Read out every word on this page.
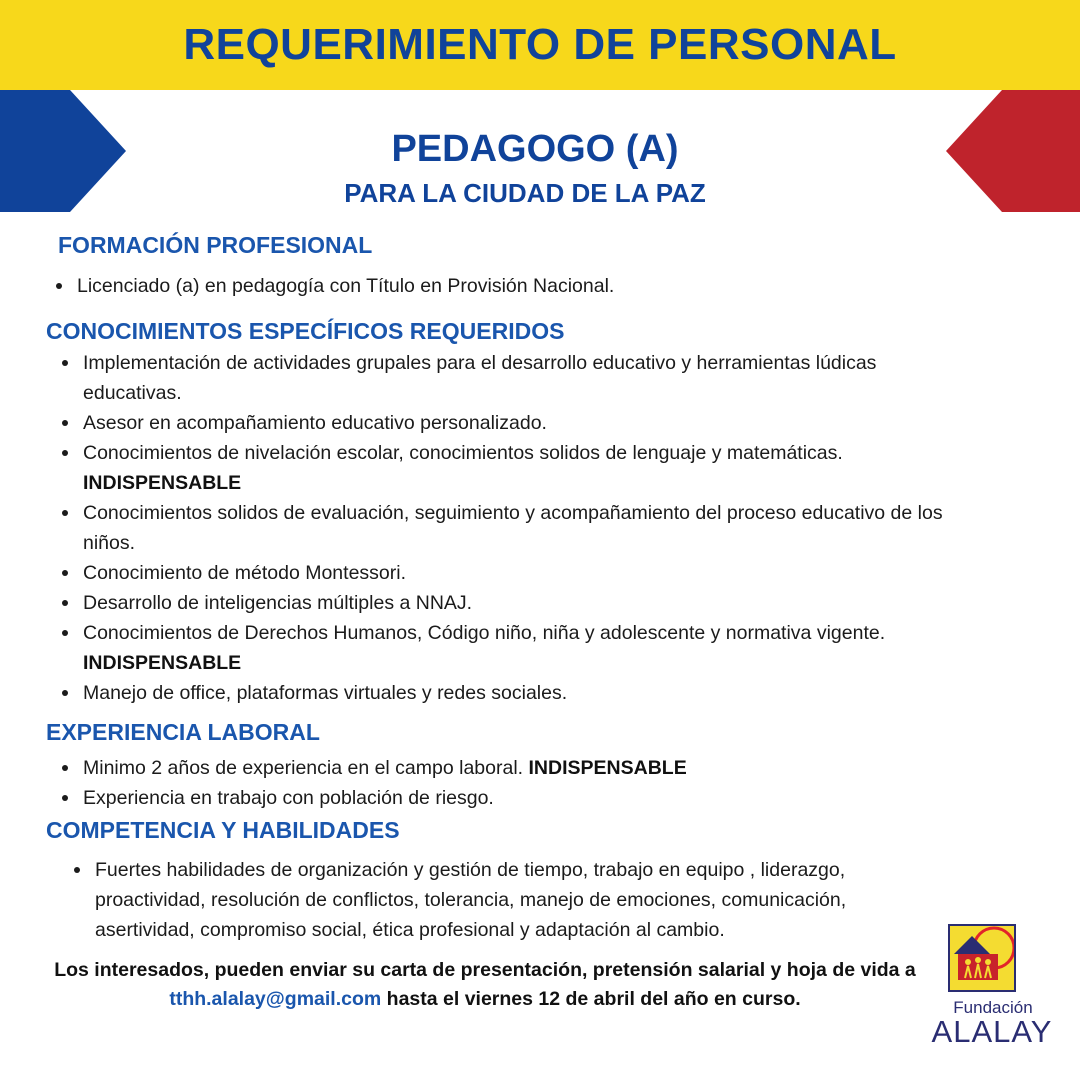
REQUERIMIENTO DE PERSONAL
PEDAGOGO (A)
PARA LA CIUDAD DE LA PAZ
FORMACIÓN PROFESIONAL
Licenciado (a) en pedagogía con Título en Provisión Nacional.
CONOCIMIENTOS ESPECÍFICOS REQUERIDOS
Implementación de actividades grupales para el desarrollo educativo y herramientas lúdicas educativas.
Asesor en acompañamiento educativo personalizado.
Conocimientos de nivelación escolar, conocimientos solidos de lenguaje y matemáticas.
INDISPENSABLE
Conocimientos solidos de evaluación, seguimiento y acompañamiento del proceso educativo de los niños.
Conocimiento de método Montessori.
Desarrollo de inteligencias múltiples a NNAJ.
Conocimientos de Derechos Humanos, Código niño, niña y adolescente y normativa vigente.
INDISPENSABLE
Manejo de office, plataformas virtuales y redes sociales.
EXPERIENCIA LABORAL
Minimo 2 años de experiencia en el campo laboral. INDISPENSABLE
Experiencia en trabajo con población de riesgo.
COMPETENCIA Y HABILIDADES
Fuertes habilidades de organización y gestión de tiempo, trabajo en equipo , liderazgo, proactividad, resolución de conflictos, tolerancia, manejo de emociones, comunicación, asertividad, compromiso social, ética profesional y adaptación al cambio.

Los interesados, pueden enviar su carta de presentación, pretensión salarial y hoja de vida a tthh.alalay@gmail.com hasta el viernes 12 de abril del año en curso.	Fundación
ALALAY
